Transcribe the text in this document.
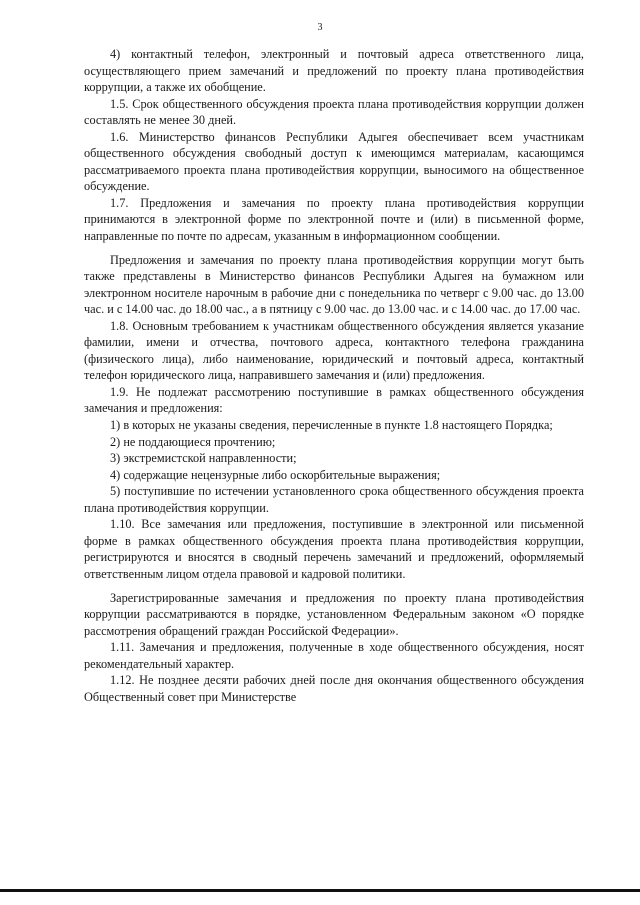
3

4) контактный телефон, электронный и почтовый адреса ответственного лица, осуществляющего прием замечаний и предложений по проекту плана противодействия коррупции, а также их обобщение.

1.5. Срок общественного обсуждения проекта плана противодействия коррупции должен составлять не менее 30 дней.

1.6. Министерство финансов Республики Адыгея обеспечивает всем участникам общественного обсуждения свободный доступ к имеющимся материалам, касающимся рассматриваемого проекта плана противодействия коррупции, выносимого на общественное обсуждение.

1.7. Предложения и замечания по проекту плана противодействия коррупции принимаются в электронной форме по электронной почте и (или) в письменной форме, направленные по почте по адресам, указанным в информационном сообщении.

Предложения и замечания по проекту плана противодействия коррупции могут быть также представлены в Министерство финансов Республики Адыгея на бумажном или электронном носителе нарочным в рабочие дни с понедельника по четверг с 9.00 час. до 13.00 час. и с 14.00 час. до 18.00 час., а в пятницу с 9.00 час. до 13.00 час. и с 14.00 час. до 17.00 час.

1.8. Основным требованием к участникам общественного обсуждения является указание фамилии, имени и отчества, почтового адреса, контактного телефона гражданина (физического лица), либо наименование, юридический и почтовый адреса, контактный телефон юридического лица, направившего замечания и (или) предложения.

1.9. Не подлежат рассмотрению поступившие в рамках общественного обсуждения замечания и предложения:

1) в которых не указаны сведения, перечисленные в пункте 1.8 настоящего Порядка;

2) не поддающиеся прочтению;

3) экстремистской направленности;

4) содержащие нецензурные либо оскорбительные выражения;

5) поступившие по истечении установленного срока общественного обсуждения проекта плана противодействия коррупции.

1.10. Все замечания или предложения, поступившие в электронной или письменной форме в рамках общественного обсуждения проекта плана противодействия коррупции, регистрируются и вносятся в сводный перечень замечаний и предложений, оформляемый ответственным лицом отдела правовой и кадровой политики.

Зарегистрированные замечания и предложения по проекту плана противодействия коррупции рассматриваются в порядке, установленном Федеральным законом «О порядке рассмотрения обращений граждан Российской Федерации».

1.11. Замечания и предложения, полученные в ходе общественного обсуждения, носят рекомендательный характер.

1.12. Не позднее десяти рабочих дней после дня окончания общественного обсуждения Общественный совет при Министерстве
